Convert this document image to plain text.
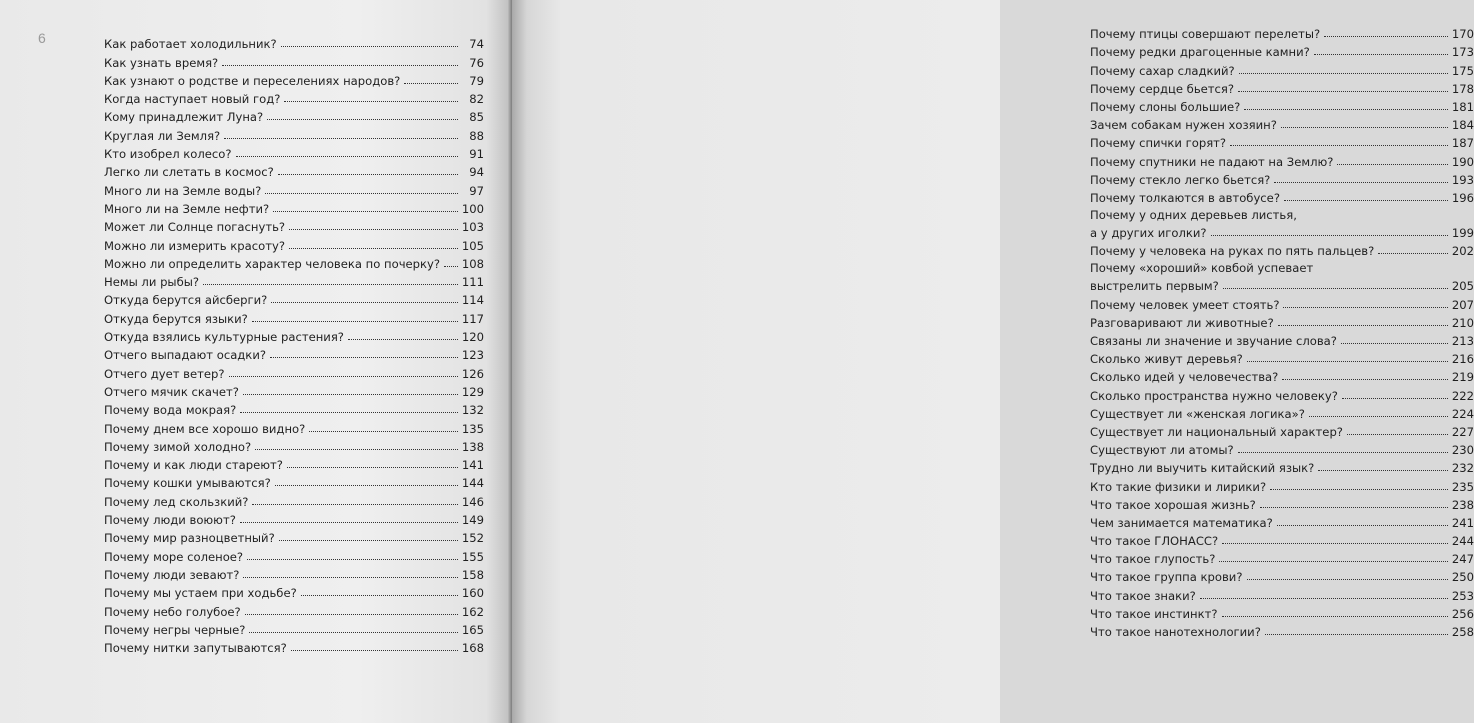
6	Как работает холодильник?	74
Как узнать время?	76
Как узнают о родстве и переселениях народов?	79
Когда наступает новый год?	82
Кому принадлежит Луна?	85
Круглая ли Земля?	88
Кто изобрел колесо?	91
Легко ли слетать в космос?	94
Много ли на Земле воды?	97
Много ли на Земле нефти?	100
Может ли Солнце погаснуть?	103
Можно ли измерить красоту?	105
Можно ли определить характер человека по почерку? 108
Немы ли рыбы?	111
Откуда берутся айсберги?	114
Откуда берутся языки?	117
Откуда взялись культурные растения?	120
Отчего выпадают осадки?	123
Отчего дует ветер?	126
Отчего мячик скачет?	129
Почему вода мокрая?	132
Почему днем все хорошо видно?	135
Почему зимой холодно?	138
Почему и как люди стареют?	141
Почему кошки умываются?	144
Почему лед скользкий?	146
Почему люди воюют?	149
Почему мир разноцветный?	152
Почему море соленое?	155
Почему люди зевают?	158
Почему мы устаем при ходьбе?	160
Почему небо голубое?	162
Почему негры черные?	165
Почему нитки запутываются?	168
Почему птицы совершают перелеты?	170
Почему редки драгоценные камни?	173
Почему сахар сладкий?	175
Почему сердце бьется?	178
Почему слоны большие?	181
Зачем собакам нужен хозяин?	184
Почему спички горят?	187
Почему спутники не падают на Землю?	190
Почему стекло легко бьется?	193
Почему толкаются в автобусе?	196
Почему у одних деревьев листья,
а у других иголки?	199
Почему у человека на руках по пять пальцев?	202
Почему «хороший» ковбой успевает
выстрелить первым?	205
Почему человек умеет стоять?	207
Разговаривают ли животные?	210
Связаны ли значение и звучание слова?	213
Сколько живут деревья?	216
Сколько идей у человечества?	219
Сколько пространства нужно человеку?	222
Существует ли «женская логика»?	224
Существует ли национальный характер?	227
Существуют ли атомы?	230
Трудно ли выучить китайский язык?	232
Кто такие физики и лирики?	235
Что такое хорошая жизнь?	238
Чем занимается математика?	241
Что такое ГЛОНАСС?	244
Что такое глупость?	247
Что такое группа крови?	250
Что такое знаки?	253
Что такое инстинкт?	256
Что такое нанотехнологии?	258
